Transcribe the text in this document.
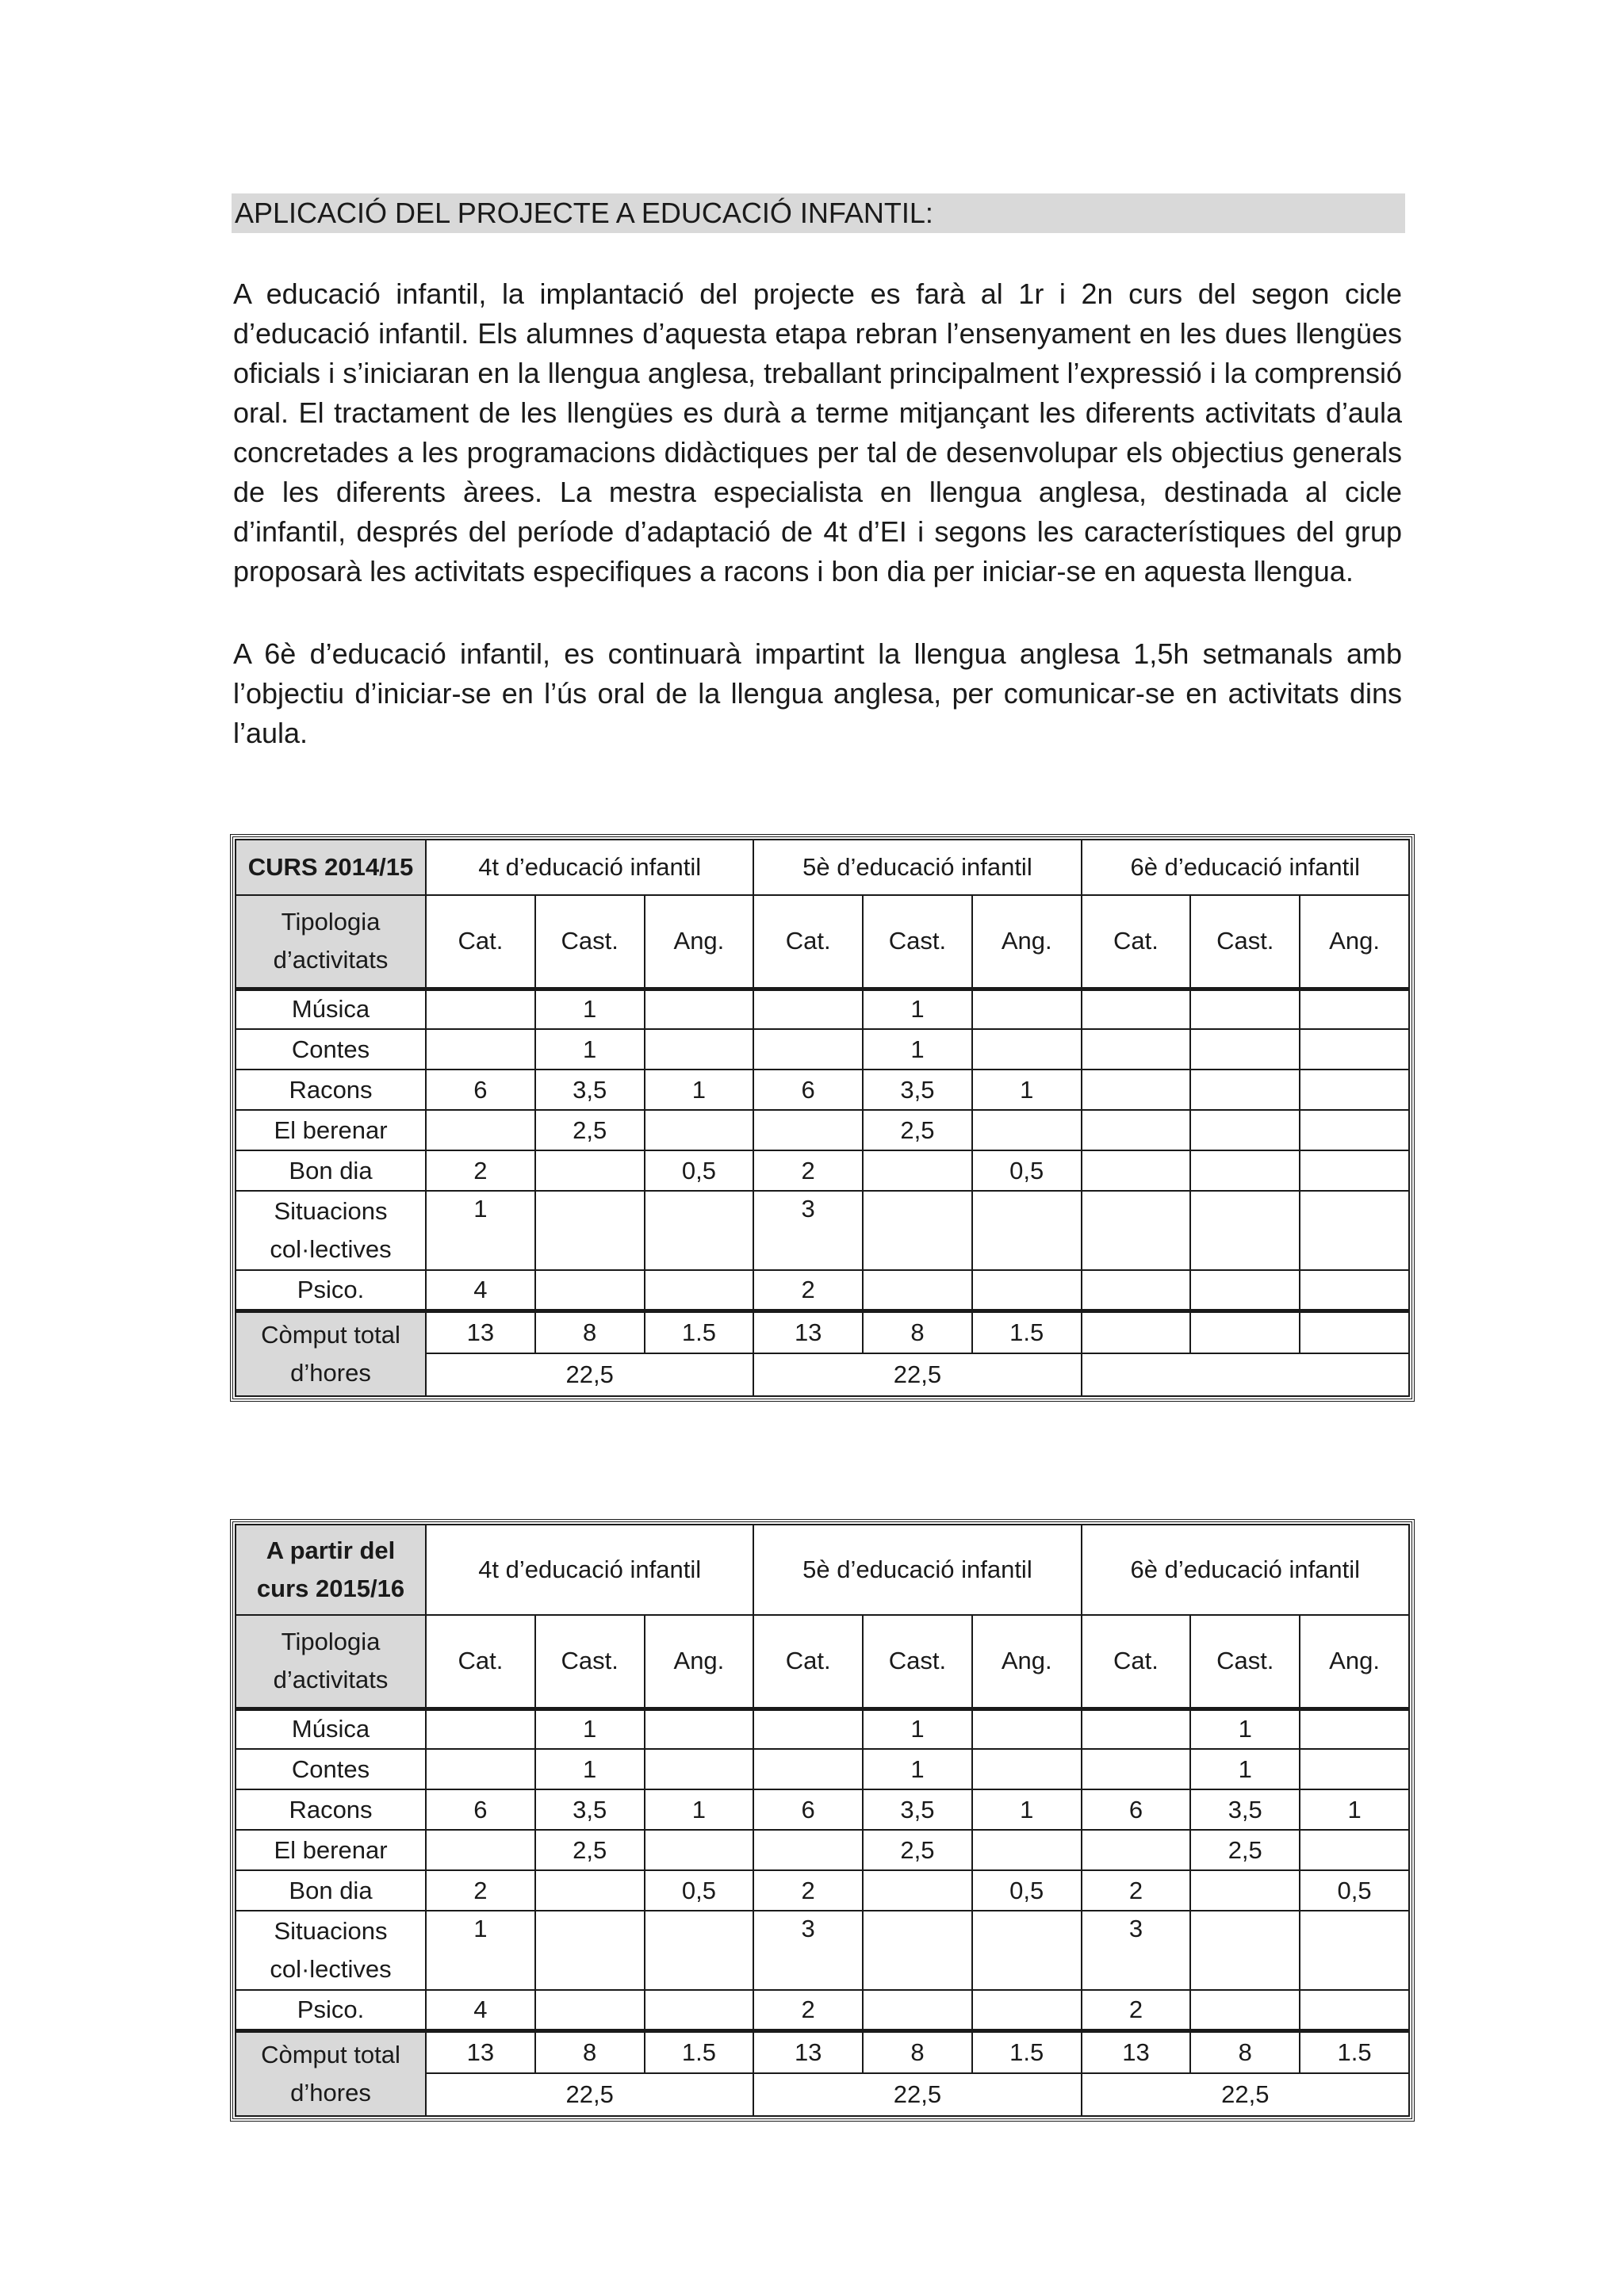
APLICACIÓ DEL PROJECTE A EDUCACIÓ INFANTIL:

A educació infantil, la implantació del projecte es farà al 1r i 2n curs del segon cicle d’educació infantil. Els alumnes d’aquesta etapa rebran l’ensenyament en les dues llengües oficials i s’iniciaran en la llengua anglesa, treballant principalment l’expressió i la comprensió oral. El tractament de les llengües es durà a terme mitjançant les diferents activitats d’aula concretades a les programacions didàctiques per tal de desenvolupar els objectius generals de les diferents àrees. La mestra especialista en llengua anglesa, destinada al cicle d’infantil, després del període d’adaptació de 4t d’EI i segons les característiques del grup proposarà les activitats especifiques a racons i bon dia per iniciar-se en aquesta llengua.

A 6è d’educació infantil, es continuarà impartint la llengua anglesa 1,5h setmanals amb l’objectiu d’iniciar-se en l’ús oral de la llengua anglesa, per comunicar-se en activitats dins l’aula.

CURS 2014/15	4t d’educació infantil			5è d’educació infantil			6è d’educació infantil		
Tipologia d’activitats	Cat.	Cast.	Ang.	Cat.	Cast.	Ang.	Cat.	Cast.	Ang.
Música		1			1				
Contes		1			1				
Racons	6	3,5	1	6	3,5	1			
El berenar		2,5			2,5				
Bon dia	2		0,5	2		0,5			
Situacions col·lectives	1			3					
Psico.	4			2					
Còmput total d’hores	13	8	1.5	13	8	1.5			
	22,5			22,5					
A partir del curs 2015/16	4t d’educació infantil			5è d’educació infantil			6è d’educació infantil		
Tipologia d’activitats	Cat.	Cast.	Ang.	Cat.	Cast.	Ang.	Cat.	Cast.	Ang.
Música		1			1			1	
Contes		1			1			1	
Racons	6	3,5	1	6	3,5	1	6	3,5	1
El berenar		2,5			2,5			2,5	
Bon dia	2		0,5	2		0,5	2		0,5
Situacions col·lectives	1			3			3		
Psico.	4			2			2		
Còmput total d’hores	13	8	1.5	13	8	1.5	13	8	1.5
	22,5			22,5			22,5		
